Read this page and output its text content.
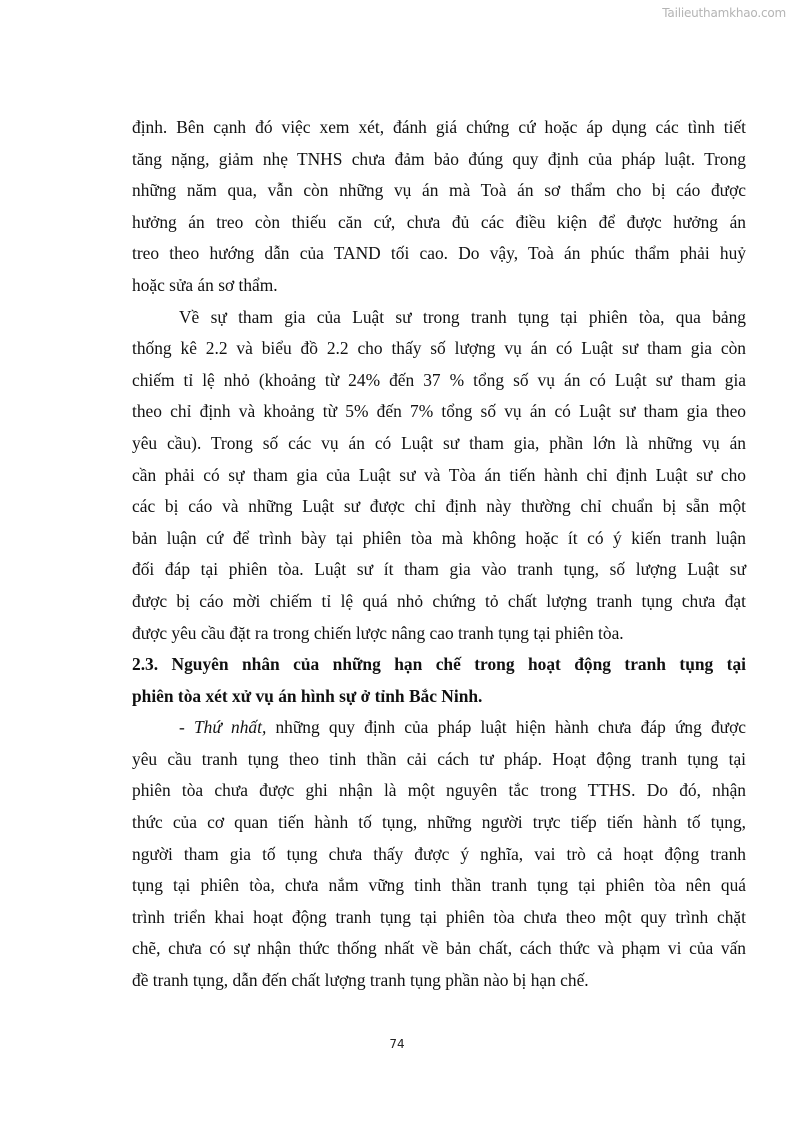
Tailieuthamkhao.com
định. Bên cạnh đó việc xem xét, đánh giá chứng cứ hoặc áp dụng các tình tiết
tăng nặng, giảm nhẹ TNHS chưa đảm bảo đúng quy định của pháp luật. Trong
những năm qua, vẫn còn những vụ án mà Toà án sơ thẩm cho bị cáo được
hưởng án treo còn thiếu căn cứ, chưa đủ các điều kiện để được hưởng án
treo theo hướng dẫn của TAND tối cao. Do vậy, Toà án phúc thẩm phải huỷ
hoặc sửa án sơ thẩm.
Về sự tham gia của Luật sư trong tranh tụng tại phiên tòa, qua bảng
thống kê 2.2 và biểu đồ 2.2 cho thấy số lượng vụ án có Luật sư tham gia còn
chiếm tỉ lệ nhỏ (khoảng từ 24% đến 37 % tổng số vụ án có Luật sư tham gia
theo chỉ định và khoảng từ 5% đến 7% tổng số vụ án có Luật sư tham gia theo
yêu cầu). Trong số các vụ án có Luật sư tham gia, phần lớn là những vụ án
cần phải có sự tham gia của Luật sư và Tòa án tiến hành chỉ định Luật sư cho
các bị cáo và những Luật sư được chỉ định này thường chỉ chuẩn bị sẵn một
bản luận cứ để trình bày tại phiên tòa mà không hoặc ít có ý kiến tranh luận
đối đáp tại phiên tòa. Luật sư ít tham gia vào tranh tụng, số lượng Luật sư
được bị cáo mời chiếm tỉ lệ quá nhỏ chứng tỏ chất lượng tranh tụng chưa đạt
được yêu cầu đặt ra trong chiến lược nâng cao tranh tụng tại phiên tòa.
2.3. Nguyên nhân của những hạn chế trong hoạt động tranh tụng tại
phiên tòa xét xử vụ án hình sự ở tỉnh Bắc Ninh.
- Thứ nhất, những quy định của pháp luật hiện hành chưa đáp ứng được
yêu cầu tranh tụng theo tinh thần cải cách tư pháp. Hoạt động tranh tụng tại
phiên tòa chưa được ghi nhận là một nguyên tắc trong TTHS. Do đó, nhận
thức của cơ quan tiến hành tố tụng, những người trực tiếp tiến hành tố tụng,
người tham gia tố tụng chưa thấy được ý nghĩa, vai trò cả hoạt động tranh
tụng tại phiên tòa, chưa nắm vững tinh thần tranh tụng tại phiên tòa nên quá
trình triển khai hoạt động tranh tụng tại phiên tòa chưa theo một quy trình chặt
chẽ, chưa có sự nhận thức thống nhất về bản chất, cách thức và phạm vi của vấn
đề tranh tụng, dẫn đến chất lượng tranh tụng phần nào bị hạn chế.
74
